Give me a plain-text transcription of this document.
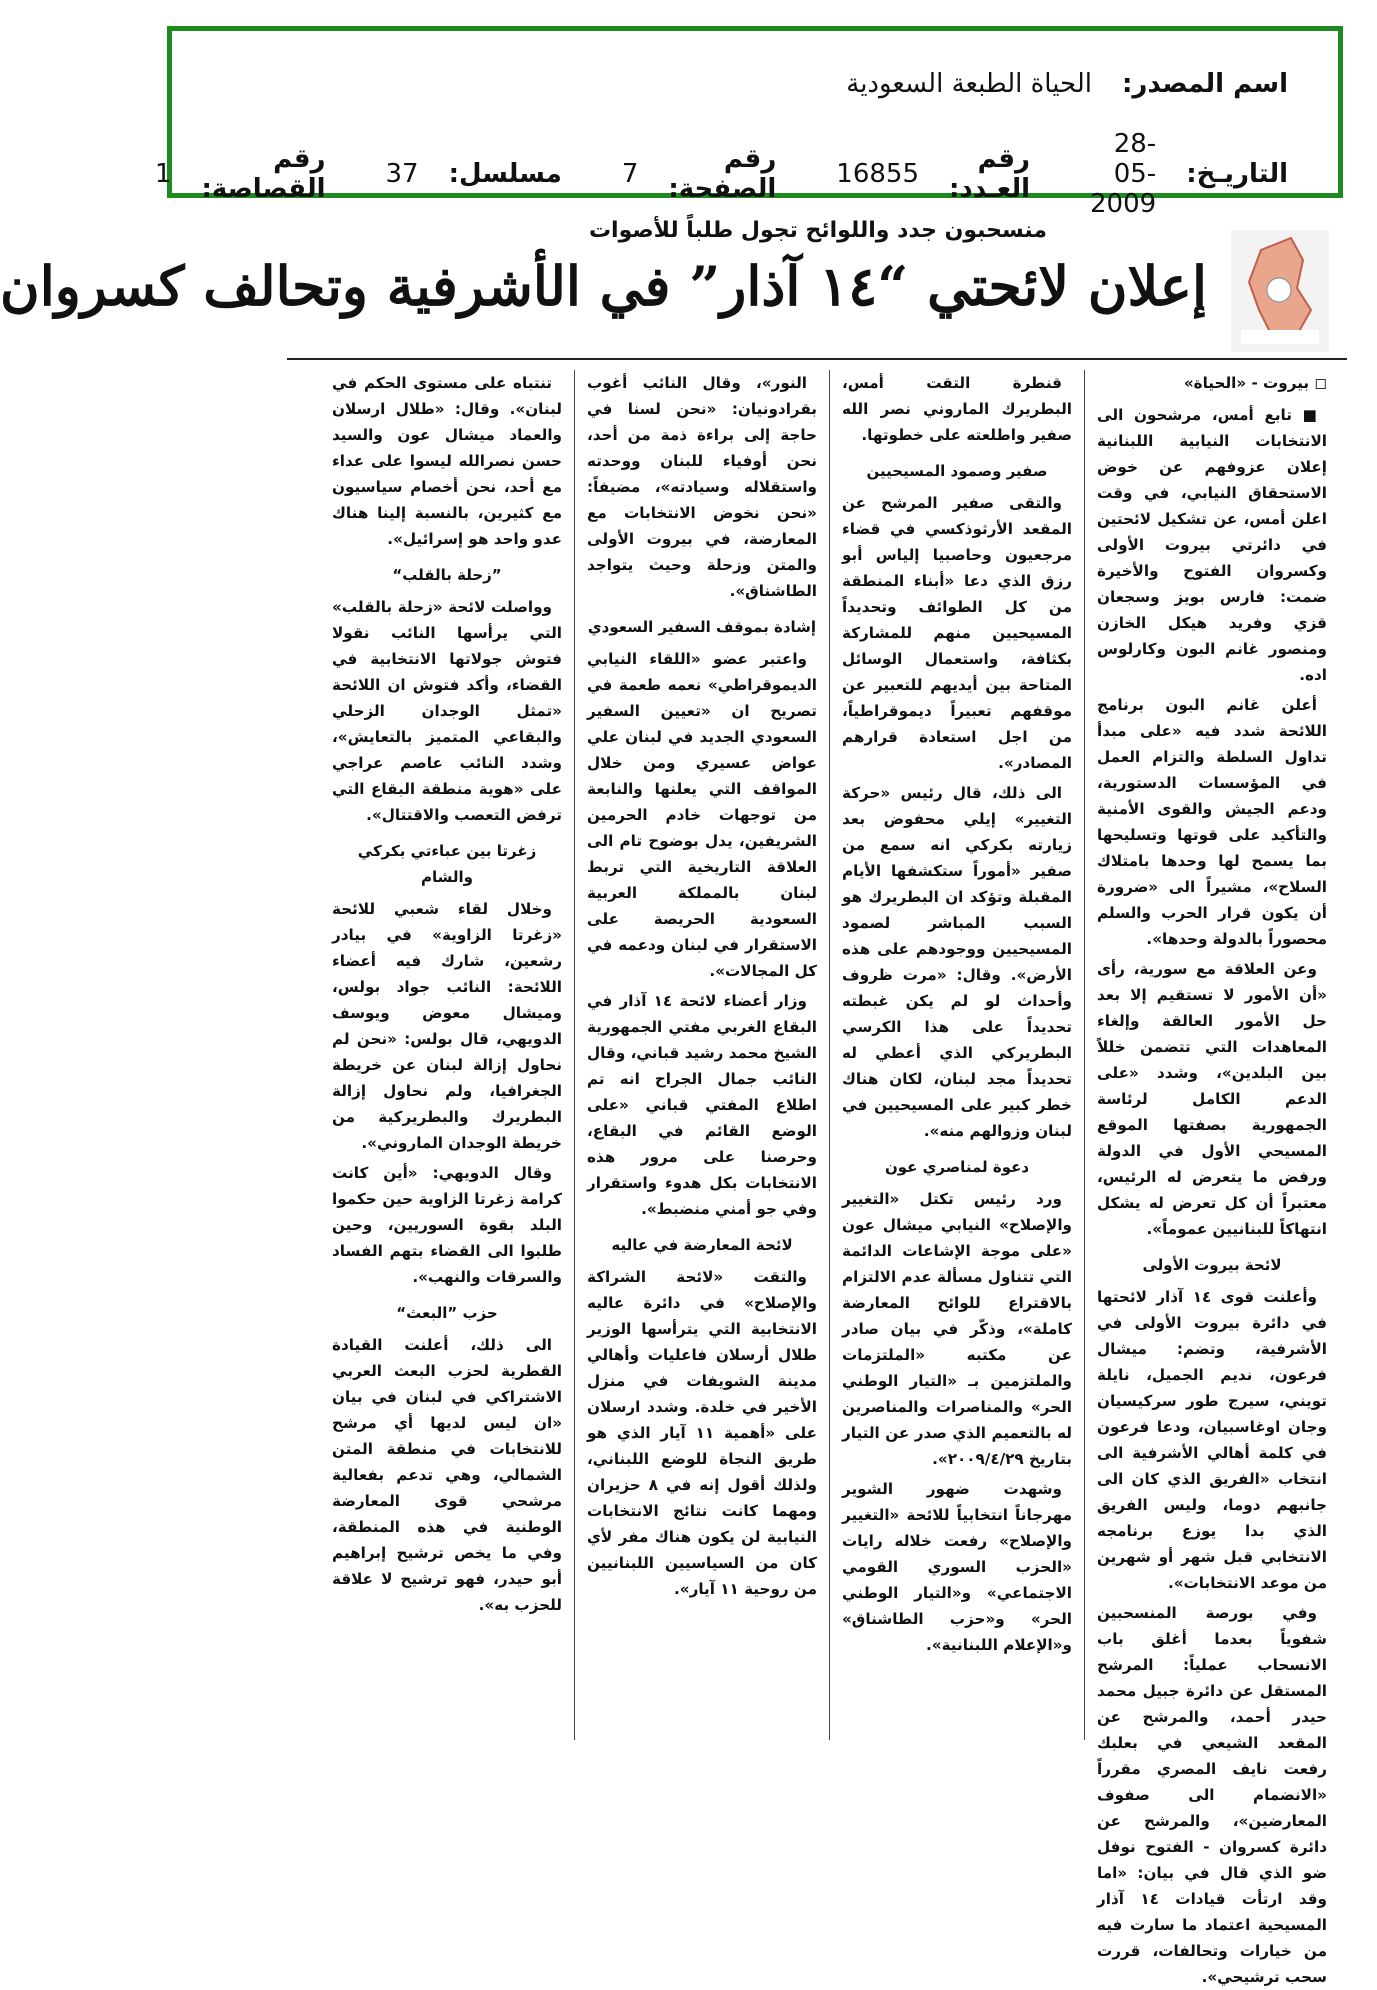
اسم المصدر:
الحياة الطبعة السعودية
التاريـخ:
28-05-2009
رقم العـدد:
16855
رقم الصفحة:
7
مسلسل:
37
رقم القصاصة:
1
منسحبون جدد واللوائح تجول طلباً للأصوات
إعلان لائحتي “١٤ آذار” في الأشرفية وتحالف كسروان
◻ بيروت - «الحياة»

■ تابع أمس، مرشحون الى الانتخابات النيابية اللبنانية إعلان عزوفهم عن خوض الاستحقاق النيابي، في وقت اعلن أمس، عن تشكيل لائحتين في دائرتي بيروت الأولى وكسروان الفتوح والأخيرة ضمت: فارس بويز وسجعان قزي وفريد هيكل الخازن ومنصور غانم البون وكارلوس اده.

أعلن غانم البون برنامج اللائحة شدد فيه «على مبدأ تداول السلطة والتزام العمل في المؤسسات الدستورية، ودعم الجيش والقوى الأمنية والتأكيد على قوتها وتسليحها بما يسمح لها وحدها بامتلاك السلاح»، مشيراً الى «ضرورة أن يكون قرار الحرب والسلم محصوراً بالدولة وحدها».

وعن العلاقة مع سورية، رأى «أن الأمور لا تستقيم إلا بعد حل الأمور العالقة وإلغاء المعاهدات التي تتضمن خللاً بين البلدين»، وشدد «على الدعم الكامل لرئاسة الجمهورية بصفتها الموقع المسيحي الأول في الدولة ورفض ما يتعرض له الرئيس، معتبراً أن كل تعرض له يشكل انتهاكاً للبنانيين عموماً».

لائحة بيروت الأولى

وأعلنت قوى ١٤ آذار لائحتها في دائرة بيروت الأولى في الأشرفية، وتضم: ميشال فرعون، نديم الجميل، نايلة تويني، سيرج طور سركيسيان وجان اوغاسبيان، ودعا فرعون في كلمة أهالي الأشرفية الى انتخاب «الفريق الذي كان الى جانبهم دوما، وليس الفريق الذي بدا يوزع برنامجه الانتخابي قبل شهر أو شهرين من موعد الانتخابات».

وفي بورصة المنسحبين شفوياً بعدما أغلق باب الانسحاب عملياً: المرشح المستقل عن دائرة جبيل محمد حيدر أحمد، والمرشح عن المقعد الشيعي في بعلبك رفعت نايف المصري مقرراً «الانضمام الى صفوف المعارضين»، والمرشح عن دائرة كسروان - الفتوح نوفل ضو الذي قال في بيان: «اما وقد ارتأت قيادات ١٤ آذار المسيحية اعتماد ما سارت فيه من خيارات وتحالفات، قررت سحب ترشيحي».

قنطرة التقت أمس، البطريرك الماروني نصر الله صفير واطلعته على خطوتها.

صفير وصمود المسيحيين

والتقى صفير المرشح عن المقعد الأرثوذكسي في قضاء مرجعيون وحاصبيا إلياس أبو رزق الذي دعا «أبناء المنطقة من كل الطوائف وتحديداً المسيحيين منهم للمشاركة بكثافة، واستعمال الوسائل المتاحة بين أيديهم للتعبير عن موقفهم تعبيراً ديموقراطياً، من اجل استعادة قرارهم المصادر».

الى ذلك، قال رئيس «حركة التغيير» إيلي محفوض بعد زيارته بكركي انه سمع من صفير «أموراً ستكشفها الأيام المقبلة وتؤكد ان البطريرك هو السبب المباشر لصمود المسيحيين ووجودهم على هذه الأرض». وقال: «مرت ظروف وأحداث لو لم يكن غبطته تحديداً على هذا الكرسي البطريركي الذي أعطي له تحديداً مجد لبنان، لكان هناك خطر كبير على المسيحيين في لبنان وزوالهم منه».

دعوة لمناصري عون

ورد رئيس تكتل «التغيير والإصلاح» النيابي ميشال عون «على موجة الإشاعات الدائمة التي تتناول مسألة عدم الالتزام بالاقتراع للوائح المعارضة كاملة»، وذكّر في بيان صادر عن مكتبه «الملتزمات والملتزمين بـ «التيار الوطني الحر» والمناصرات والمناصرين له بالتعميم الذي صدر عن التيار بتاريخ ٢٠٠٩/٤/٢٩».

وشهدت ضهور الشوير مهرجاناً انتخابياً للائحة «التغيير والإصلاح» رفعت خلاله رايات «الحزب السوري القومي الاجتماعي» و«التيار الوطني الحر» و«حزب الطاشناق» و«الإعلام اللبنانية».

النور»، وقال النائب أغوب بقرادونيان: «نحن لسنا في حاجة إلى براءة ذمة من أحد، نحن أوفياء للبنان ووحدته واستقلاله وسيادته»، مضيفاً: «نحن نخوض الانتخابات مع المعارضة، في بيروت الأولى والمتن وزحلة وحيث يتواجد الطاشناق».

إشادة بموقف السفير السعودي

واعتبر عضو «اللقاء النيابي الديموقراطي» نعمه طعمة في تصريح ان «تعيين السفير السعودي الجديد في لبنان علي عواض عسيري ومن خلال المواقف التي يعلنها والنابعة من توجهات خادم الحرمين الشريفين، يدل بوضوح تام الى العلاقة التاريخية التي تربط لبنان بالمملكة العربية السعودية الحريصة على الاستقرار في لبنان ودعمه في كل المجالات».

وزار أعضاء لائحة ١٤ آذار في البقاع الغربي مفتي الجمهورية الشيخ محمد رشيد قباني، وقال النائب جمال الجراح انه تم اطلاع المفتي قباني «على الوضع القائم في البقاع، وحرصنا على مرور هذه الانتخابات بكل هدوء واستقرار وفي جو أمني منضبط».

لائحة المعارضة في عاليه

والتقت «لائحة الشراكة والإصلاح» في دائرة عاليه الانتخابية التي يترأسها الوزير طلال أرسلان فاعليات وأهالي مدينة الشويفات في منزل الأخير في خلدة. وشدد ارسلان على «أهمية ١١ آيار الذي هو طريق النجاة للوضع اللبناني، ولذلك أقول إنه في ٨ حزيران ومهما كانت نتائج الانتخابات النيابية لن يكون هناك مفر لأي كان من السياسيين اللبنانيين من روحية ١١ آيار».

تنتباه على مستوى الحكم في لبنان». وقال: «طلال ارسلان والعماد ميشال عون والسيد حسن نصرالله ليسوا على عداء مع أحد، نحن أخصام سياسيون مع كثيرين، بالنسبة إلينا هناك عدو واحد هو إسرائيل».

”زحلة بالقلب“

وواصلت لائحة «زحلة بالقلب» التي يرأسها النائب نقولا فتوش جولاتها الانتخابية في القضاء، وأكد فتوش ان اللائحة «تمثل الوجدان الزحلي والبقاعي المتميز بالتعايش»، وشدد النائب عاصم عراجي على «هوية منطقة البقاع التي ترفض التعصب والاقتتال».

زغرتا بين عباءتي بكركي والشام

وخلال لقاء شعبي للائحة «زغرتا الزاوية» في بيادر رشعين، شارك فيه أعضاء اللائحة: النائب جواد بولس، وميشال معوض ويوسف الدويهي، قال بولس: «نحن لم نحاول إزالة لبنان عن خريطة الجغرافيا، ولم نحاول إزالة البطريرك والبطريركية من خريطة الوجدان الماروني».

وقال الدويهي: «أين كانت كرامة زغرتا الزاوية حين حكموا البلد بقوة السوريين، وحين طلبوا الى القضاء بتهم الفساد والسرقات والنهب».

حزب ”البعث“

الى ذلك، أعلنت القيادة القطرية لحزب البعث العربي الاشتراكي في لبنان في بيان «ان ليس لديها أي مرشح للانتخابات في منطقة المتن الشمالي، وهي تدعم بفعالية مرشحي قوى المعارضة الوطنية في هذه المنطقة، وفي ما يخص ترشيح إبراهيم أبو حيدر، فهو ترشيح لا علاقة للحزب به».
